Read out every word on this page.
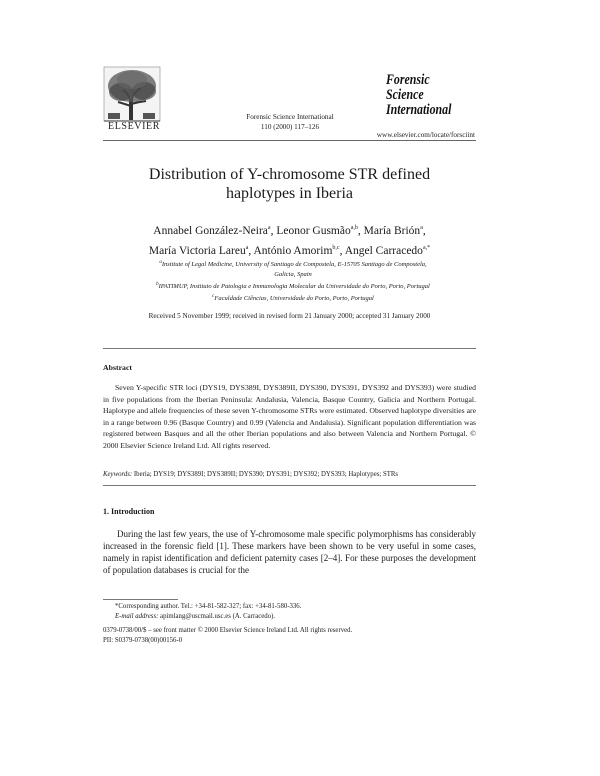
ELSEVIER
Forensic Science International
110 (2000) 117–126
Forensic
Science
International
www.elsevier.com/locate/forsciint
Distribution of Y-chromosome STR defined
haplotypes in Iberia
Annabel González-Neira$^a$, Leonor Gusmão$^{a,b}$, María Brión$^a$,
María Victoria Lareu$^a$, António Amorim$^{b,c}$, Angel Carracedo$^{a,*}$
$^a$Institute of Legal Medicine, University of Santiago de Compostela, E-15705 Santiago de Compostela,
Galicia, Spain
$^b$IPATIMUP, Instituto de Patologia e Immunologia Molecular da Universidade do Porto, Porto, Portugal
$^c$Faculdade Ciências, Universidade do Porto, Porto, Portugal
Received 5 November 1999; received in revised form 21 January 2000; accepted 31 January 2000
Abstract
Seven Y-specific STR loci (DYS19, DYS389I, DYS389II, DYS390, DYS391, DYS392 and DYS393) were studied in five populations from the Iberian Peninsula: Andalusia, Valencia, Basque Country, Galicia and Northern Portugal. Haplotype and allele frequencies of these seven Y-chromosome STRs were estimated. Observed haplotype diversities are in a range between 0.96 (Basque Country) and 0.99 (Valencia and Andalusia). Significant population differentiation was registered between Basques and all the other Iberian populations and also between Valencia and Northern Portugal. © 2000 Elsevier Science Ireland Ltd. All rights reserved.
Keywords: Iberia; DYS19; DYS389I; DYS389II; DYS390; DYS391; DYS392; DYS393; Haplotypes; STRs
1. Introduction
During the last few years, the use of Y-chromosome male specific polymorphisms has considerably increased in the forensic field [1]. These markers have been shown to be very useful in some cases, namely in rapist identification and deficient paternity cases [2–4]. For these purposes the development of population databases is crucial for the
*Corresponding author. Tel.: +34-81-582-327; fax: +34-81-580-336.
E-mail address: apimlang@uscmail.usc.es (A. Carracedo).
0379-0738/00/$ – see front matter © 2000 Elsevier Science Ireland Ltd. All rights reserved.
PII: S0379-0738(00)00156-0
